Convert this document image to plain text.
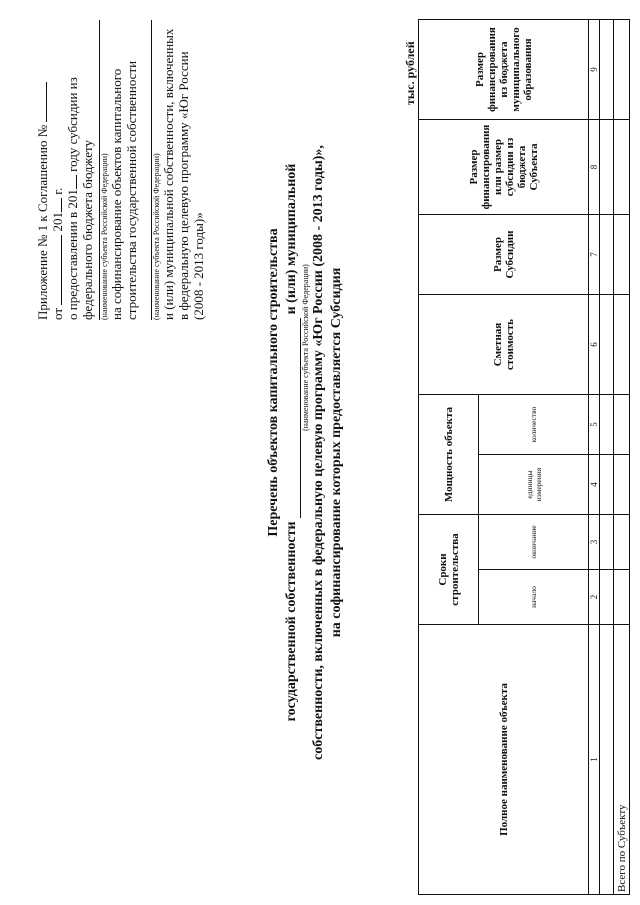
Приложение № 1 к Соглашению № от  201 г. о предоставлении в 201 году субсидии из
федерального бюджета бюджету (наименование субъекта Российской Федерации) на софинансирование объектов капитального строительства государственной собственности (наименование субъекта Российской Федерации) и (или) муниципальной собственности, включенных в федеральную целевую программу «Юг России (2008 - 2013 годы)»	Перечень объектов капитального строительства
государственной собственности  и (или) муниципальной
(наименование субъекта Российской Федерации) собственности, включенных в федеральную целевую программу «Юг России (2008 - 2013 годы)», на софинансирование которых предоставляется Субсидия
тыс. рублей
Полное наименование объекта	Сроки строительства		Мощность объекта		Сметная стоимость	Размер Субсидии	Размер финансирования или размер субсидии из бюджета Субъекта	Размер финансирования из бюджета муниципального образования
	начало	окончание	единицы измерения	количество				
1	2	3	4	5	6	7	8	9

Всего по Субъекту								
